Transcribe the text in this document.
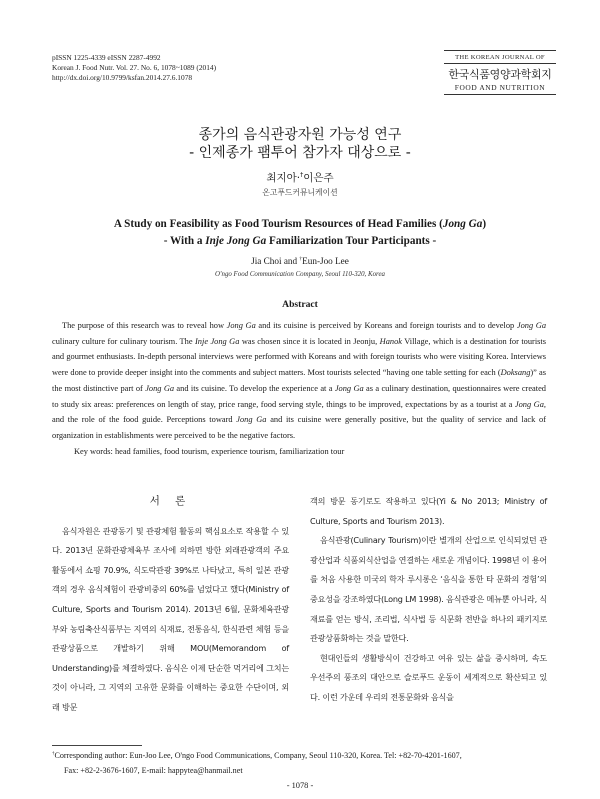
pISSN 1225-4339 eISSN 2287-4992
Korean J. Food Nutr. Vol. 27. No. 6, 1078~1089 (2014)
http://dx.doi.org/10.9799/ksfan.2014.27.6.1078
THE KOREAN JOURNAL OF
한국식품영양과학회지
FOOD AND NUTRITION
종가의 음식관광자원 가능성 연구
- 인제종가 팸투어 참가자 대상으로 -
최지아·†이은주
온고푸드커뮤니케이션
A Study on Feasibility as Food Tourism Resources of Head Families (Jong Ga)
- With a Inje Jong Ga Familiarization Tour Participants -
Jia Choi and †Eun-Joo Lee
O'ngo Food Communication Company, Seoul 110-320, Korea
Abstract

The purpose of this research was to reveal how Jong Ga and its cuisine is perceived by Koreans and foreign tourists and to develop Jong Ga culinary culture for culinary tourism. The Inje Jong Ga was chosen since it is located in Jeonju, Hanok Village, which is a destination for tourists and gourmet enthusiasts. In-depth personal interviews were performed with Koreans and with foreign tourists who were visiting Korea. Interviews were done to provide deeper insight into the comments and subject matters. Most tourists selected “having one table setting for each (Doksang)” as the most distinctive part of Jong Ga and its cuisine. To develop the experience at a Jong Ga as a culinary destination, questionnaires were created to study six areas: preferences on length of stay, price range, food serving style, things to be improved, expectations by as a tourist at a Jong Ga, and the role of the food guide. Perceptions toward Jong Ga and its cuisine were generally positive, but the quality of service and lack of organization in establishments were perceived to be the negative factors.

Key words: head families, food tourism, experience tourism, familiarization tour

서 론

음식자원은 관광동기 및 관광체험 활동의 핵심요소로 작용할 수 있다. 2013년 문화관광체육부 조사에 의하면 방한 외래관광객의 주요 활동에서 쇼핑 70.9%, 식도락관광 39%로 나타났고, 특히 일본 관광객의 경우 음식체험이 관광비중의 60%를 넘었다고 했다(Ministry of Culture, Sports and Tourism 2014). 2013년 6월, 문화체육관광부와 농림축산식품부는 지역의 식재료, 전통음식, 한식관련 체험 등을 관광상품으로 개발하기 위해 MOU(Memorandom of Understanding)를 체결하였다. 음식은 이제 단순한 먹거리에 그치는 것이 아니라, 그 지역의 고유한 문화를 이해하는 중요한 수단이며, 외래 방문

객의 방문 동기로도 작용하고 있다(Yi & No 2013; Ministry of Culture, Sports and Tourism 2013).

음식관광(Culinary Tourism)이란 별개의 산업으로 인식되었던 관광산업과 식품외식산업을 연결하는 새로운 개념이다. 1998년 이 용어를 처음 사용한 미국의 학자 루시롱은 ‘음식을 통한 타 문화의 경험’의 중요성을 강조하였다(Long LM 1998). 음식관광은 메뉴뿐 아니라, 식재료를 얻는 방식, 조리법, 식사법 등 식문화 전반을 하나의 패키지로 관광상품화하는 것을 말한다.

현대인들의 생활방식이 건강하고 여유 있는 삶을 중시하며, 속도 우선주의 풍조의 대안으로 슬로푸드 운동이 세계적으로 확산되고 있다. 이런 가운데 우리의 전통문화와 음식을

†Corresponding author: Eun-Joo Lee, O'ngo Food Communications, Company, Seoul 110-320, Korea. Tel: +82-70-4201-1607,

Fax: +82-2-3676-1607, E-mail: happytea@hanmail.net

- 1078 -
